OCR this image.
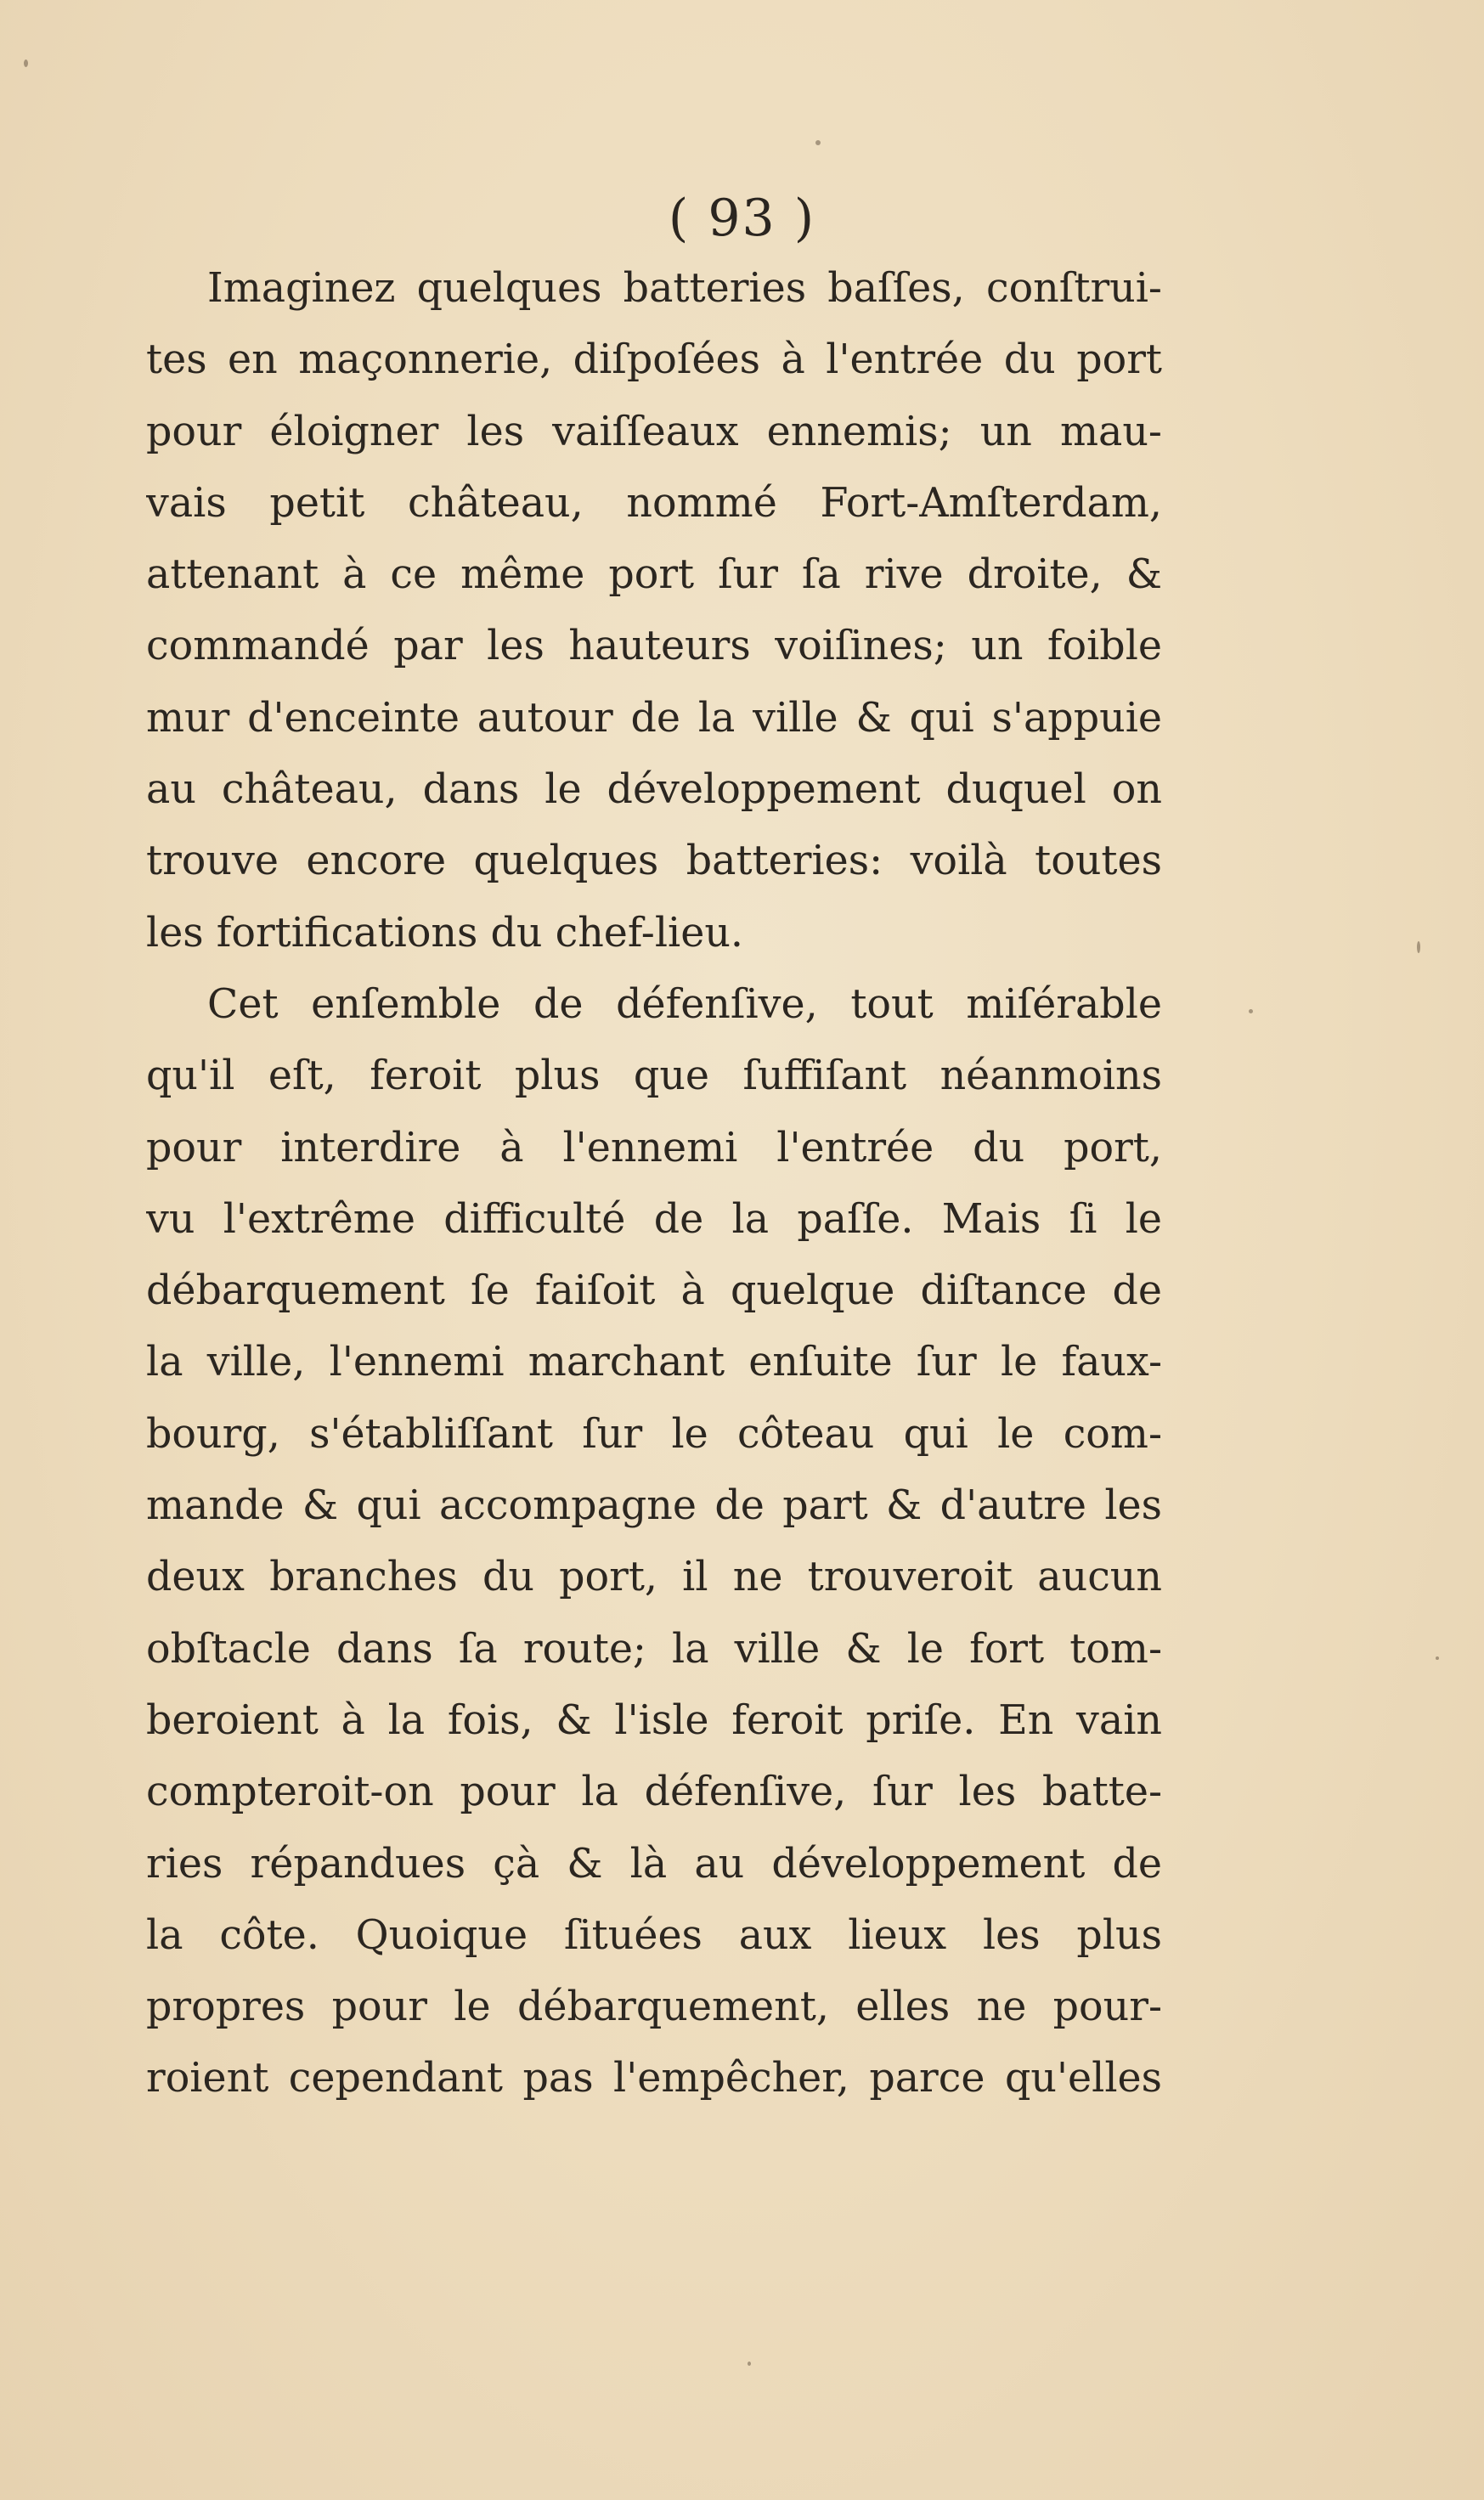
( 93 )
Imaginez quelques batteries baſſes, conſtrui-
tes en maçonnerie, diſpoſées à l'entrée du port
pour éloigner les vaiſſeaux ennemis; un mau-
vais petit château, nommé Fort-Amſterdam,
attenant à ce même port ſur ſa rive droite, &
commandé par les hauteurs voiſines; un foible
mur d'enceinte autour de la ville & qui s'appuie
au château, dans le développement duquel on
trouve encore quelques batteries: voilà toutes
les fortifications du chef-lieu.
Cet enſemble de défenſive, tout miſérable
qu'il eſt, feroit plus que ſuffiſant néanmoins
pour interdire à l'ennemi l'entrée du port,
vu l'extrême difficulté de la paſſe. Mais ſi le
débarquement ſe faiſoit à quelque diſtance de
la ville, l'ennemi marchant enſuite ſur le faux-
bourg, s'établiſſant ſur le côteau qui le com-
mande & qui accompagne de part & d'autre les
deux branches du port, il ne trouveroit aucun
obſtacle dans ſa route; la ville & le fort tom-
beroient à la fois, & l'isle feroit priſe. En vain
compteroit-on pour la défenſive, ſur les batte-
ries répandues çà & là au développement de
la côte. Quoique ſituées aux lieux les plus
propres pour le débarquement, elles ne pour-
roient cependant pas l'empêcher, parce qu'elles
